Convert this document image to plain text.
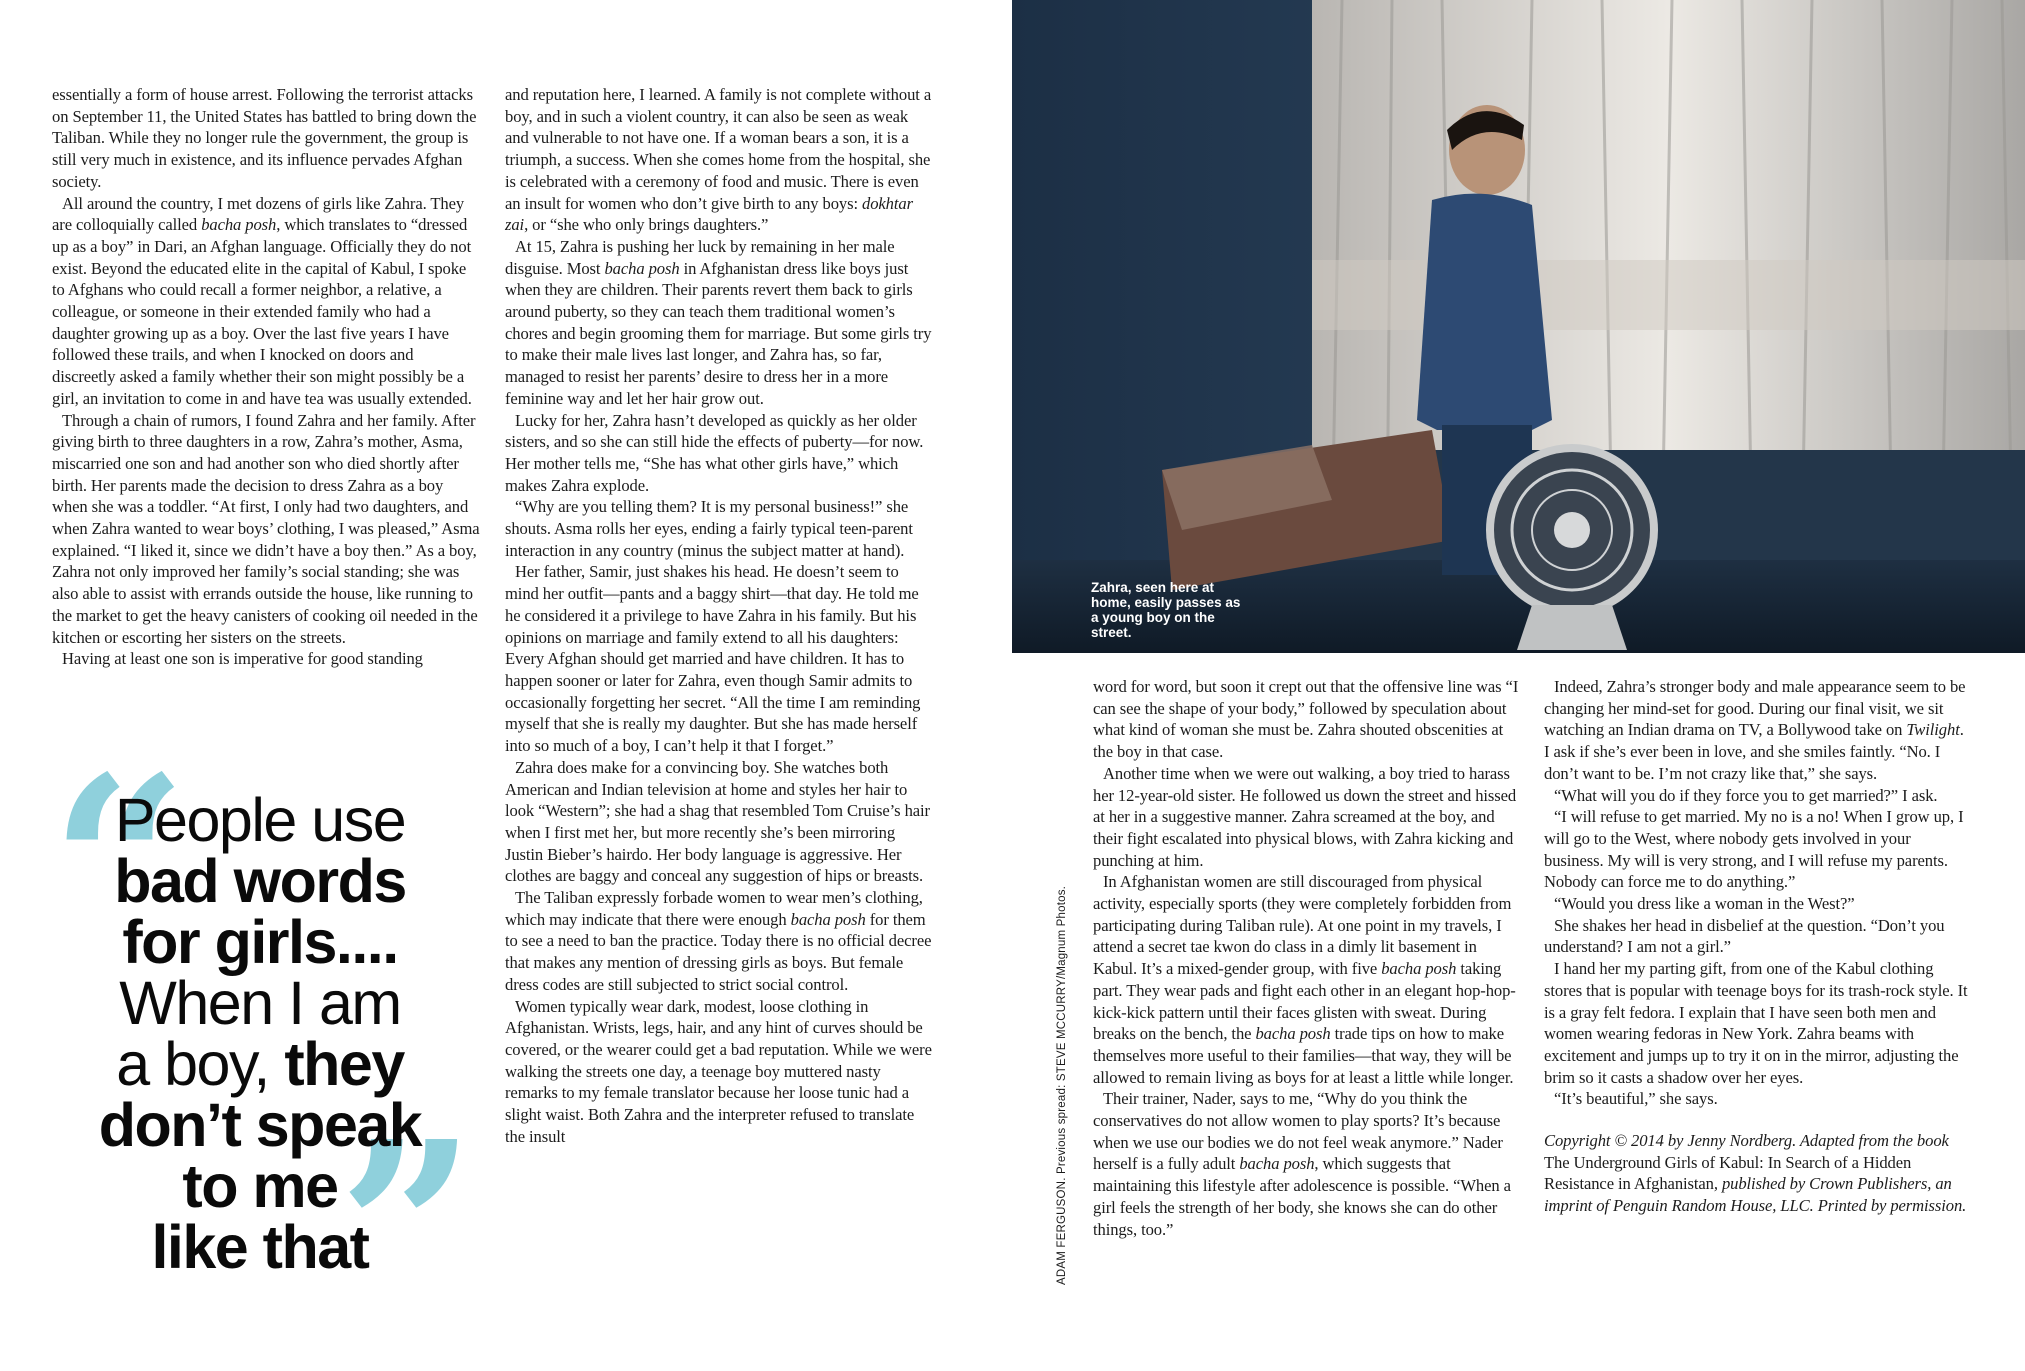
essentially a form of house arrest. Following the terrorist attacks on September 11, the United States has battled to bring down the Taliban. While they no longer rule the government, the group is still very much in existence, and its influence pervades Afghan society.

All around the country, I met dozens of girls like Zahra. They are colloquially called bacha posh, which translates to “dressed up as a boy” in Dari, an Afghan language. Officially they do not exist. Beyond the educated elite in the capital of Kabul, I spoke to Afghans who could recall a former neighbor, a relative, a colleague, or someone in their extended family who had a daughter growing up as a boy. Over the last five years I have followed these trails, and when I knocked on doors and discreetly asked a family whether their son might possibly be a girl, an invitation to come in and have tea was usually extended.

Through a chain of rumors, I found Zahra and her family. After giving birth to three daughters in a row, Zahra’s mother, Asma, miscarried one son and had another son who died shortly after birth. Her parents made the decision to dress Zahra as a boy when she was a toddler. “At first, I only had two daughters, and when Zahra wanted to wear boys’ clothing, I was pleased,” Asma explained. “I liked it, since we didn’t have a boy then.” As a boy, Zahra not only improved her family’s social standing; she was also able to assist with errands outside the house, like running to the market to get the heavy canisters of cooking oil needed in the kitchen or escorting her sisters on the streets.

Having at least one son is imperative for good standing

and reputation here, I learned. A family is not complete without a boy, and in such a violent country, it can also be seen as weak and vulnerable to not have one. If a woman bears a son, it is a triumph, a success. When she comes home from the hospital, she is celebrated with a ceremony of food and music. There is even an insult for women who don’t give birth to any boys: dokhtar zai, or “she who only brings daughters.”

At 15, Zahra is pushing her luck by remaining in her male disguise. Most bacha posh in Afghanistan dress like boys just when they are children. Their parents revert them back to girls around puberty, so they can teach them traditional women’s chores and begin grooming them for marriage. But some girls try to make their male lives last longer, and Zahra has, so far, managed to resist her parents’ desire to dress her in a more feminine way and let her hair grow out.

Lucky for her, Zahra hasn’t developed as quickly as her older sisters, and so she can still hide the effects of puberty—for now. Her mother tells me, “She has what other girls have,” which makes Zahra explode.

“Why are you telling them? It is my personal business!” she shouts. Asma rolls her eyes, ending a fairly typical teen-parent interaction in any country (minus the subject matter at hand).

Her father, Samir, just shakes his head. He doesn’t seem to mind her outfit—pants and a baggy shirt—that day. He told me he considered it a privilege to have Zahra in his family. But his opinions on marriage and family extend to all his daughters: Every Afghan should get married and have children. It has to happen sooner or later for Zahra, even though Samir admits to occasionally forgetting her secret. “All the time I am reminding myself that she is really my daughter. But she has made herself into so much of a boy, I can’t help it that I forget.”

Zahra does make for a convincing boy. She watches both American and Indian television at home and styles her hair to look “Western”; she had a shag that resembled Tom Cruise’s hair when I first met her, but more recently she’s been mirroring Justin Bieber’s hairdo. Her body language is aggressive. Her clothes are baggy and conceal any suggestion of hips or breasts.

The Taliban expressly forbade women to wear men’s clothing, which may indicate that there were enough bacha posh for them to see a need to ban the practice. Today there is no official decree that makes any mention of dressing girls as boys. But female dress codes are still subjected to strict social control.

Women typically wear dark, modest, loose clothing in Afghanistan. Wrists, legs, hair, and any hint of curves should be covered, or the wearer could get a bad reputation. While we were walking the streets one day, a teenage boy muttered nasty remarks to my female translator because her loose tunic had a slight waist. Both Zahra and the interpreter refused to translate the insult

word for word, but soon it crept out that the offensive line was “I can see the shape of your body,” followed by speculation about what kind of woman she must be. Zahra shouted obscenities at the boy in that case.

Another time when we were out walking, a boy tried to harass her 12-year-old sister. He followed us down the street and hissed at her in a suggestive manner. Zahra screamed at the boy, and their fight escalated into physical blows, with Zahra kicking and punching at him.

In Afghanistan women are still discouraged from physical activity, especially sports (they were completely forbidden from participating during Taliban rule). At one point in my travels, I attend a secret tae kwon do class in a dimly lit basement in Kabul. It’s a mixed-gender group, with five bacha posh taking part. They wear pads and fight each other in an elegant hop-hop-kick-kick pattern until their faces glisten with sweat. During breaks on the bench, the bacha posh trade tips on how to make themselves more useful to their families—that way, they will be allowed to remain living as boys for at least a little while longer.

Their trainer, Nader, says to me, “Why do you think the conservatives do not allow women to play sports? It’s because when we use our bodies we do not feel weak anymore.” Nader herself is a fully adult bacha posh, which suggests that maintaining this lifestyle after adolescence is possible. “When a girl feels the strength of her body, she knows she can do other things, too.”

Indeed, Zahra’s stronger body and male appearance seem to be changing her mind-set for good. During our final visit, we sit watching an Indian drama on TV, a Bollywood take on Twilight. I ask if she’s ever been in love, and she smiles faintly. “No. I don’t want to be. I’m not crazy like that,” she says.

“What will you do if they force you to get married?” I ask.

“I will refuse to get married. My no is a no! When I grow up, I will go to the West, where nobody gets involved in your business. My will is very strong, and I will refuse my parents. Nobody can force me to do anything.”

“Would you dress like a woman in the West?”

She shakes her head in disbelief at the question. “Don’t you understand? I am not a girl.”

I hand her my parting gift, from one of the Kabul clothing stores that is popular with teenage boys for its trash-rock style. It is a gray felt fedora. I explain that I have seen both men and women wearing fedoras in New York. Zahra beams with excitement and jumps up to try it on in the mirror, adjusting the brim so it casts a shadow over her eyes.

“It’s beautiful,” she says.

Copyright © 2014 by Jenny Nordberg. Adapted from the book The Underground Girls of Kabul: In Search of a Hidden Resistance in Afghanistan, published by Crown Publishers, an imprint of Penguin Random House, LLC. Printed by permission.

“
”
People use
bad words
for girls....
When I am
a boy, they
don’t speak
to me
like that
Zahra, seen here at home, easily passes as a young boy on the street.
ADAM FERGUSON. Previous spread: STEVE MCCURRY/Magnum Photos.
